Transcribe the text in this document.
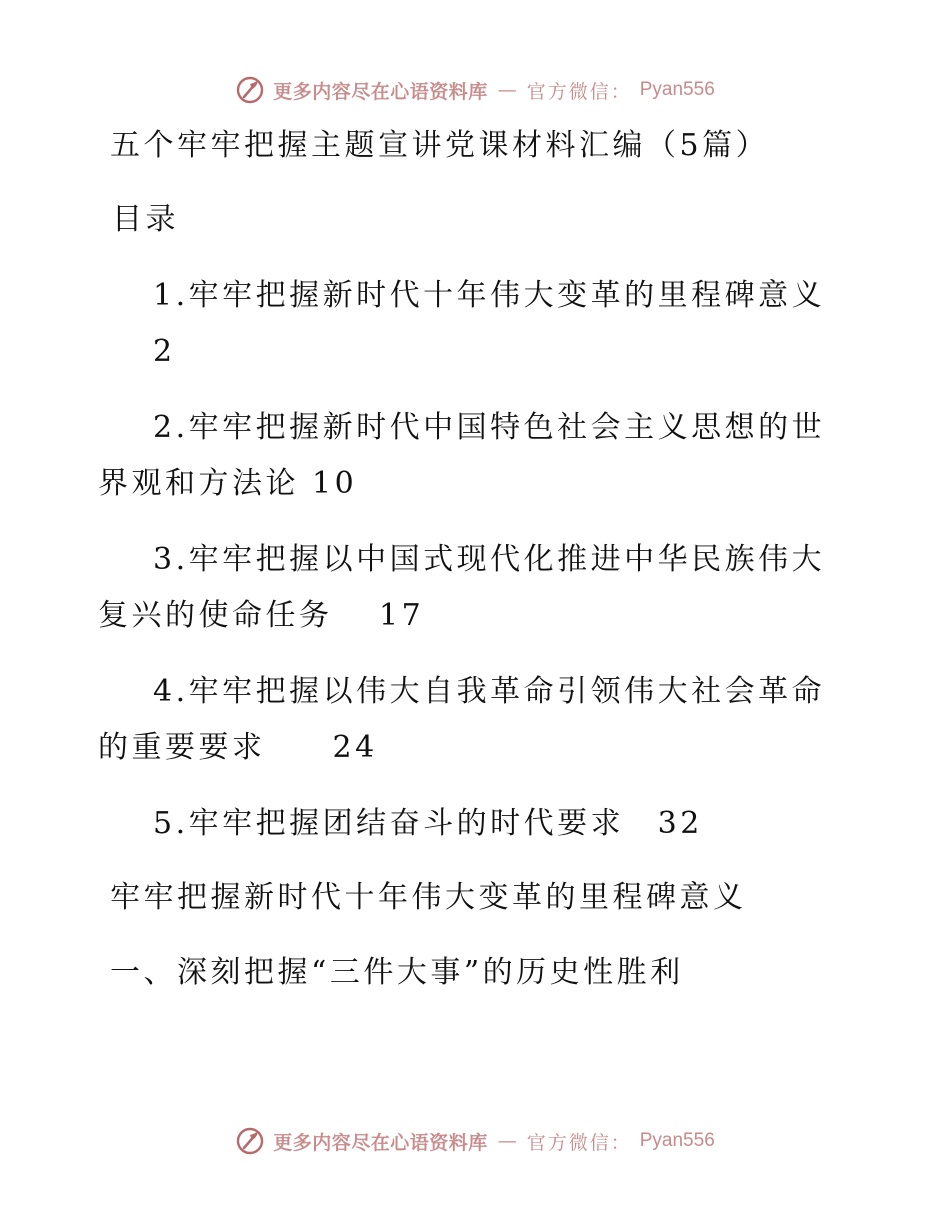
更多内容尽在心语资料库 — 官方微信： Pyan556
五个牢牢把握主题宣讲党课材料汇编（5篇）
目录
1.牢牢把握新时代十年伟大变革的里程碑意义
2
2.牢牢把握新时代中国特色社会主义思想的世
界观和方法论 10
3.牢牢把握以中国式现代化推进中华民族伟大
复兴的使命任务　 17
4.牢牢把握以伟大自我革命引领伟大社会革命
的重要要求　　24
5.牢牢把握团结奋斗的时代要求　32
牢牢把握新时代十年伟大变革的里程碑意义
一、深刻把握“三件大事”的历史性胜利
更多内容尽在心语资料库 — 官方微信： Pyan556
